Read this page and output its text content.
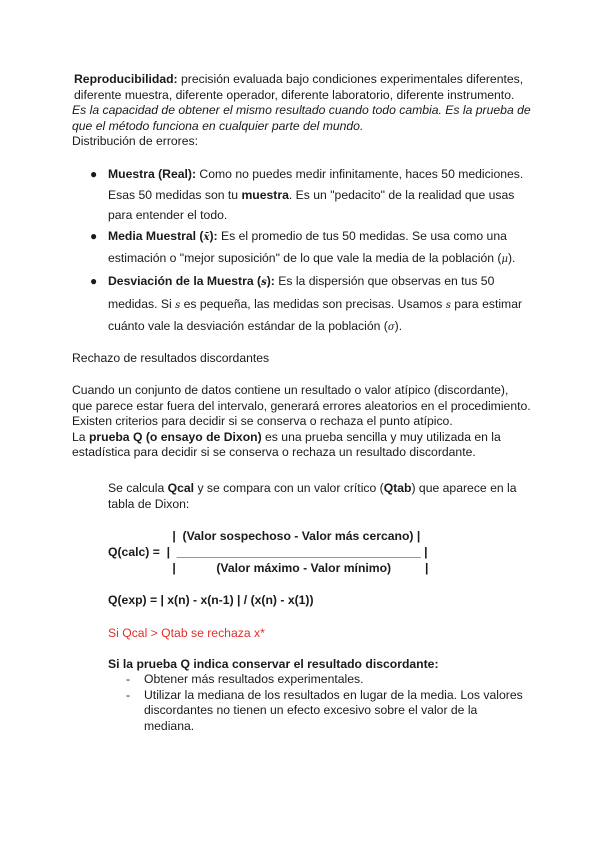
Reproducibilidad: precisión evaluada bajo condiciones experimentales diferentes, diferente muestra, diferente operador, diferente laboratorio, diferente instrumento.

Es la capacidad de obtener el mismo resultado cuando todo cambia. Es la prueba de que el método funciona en cualquier parte del mundo.

Distribución de errores:

● Muestra (Real): Como no puedes medir infinitamente, haces 50 mediciones. Esas 50 medidas son tu muestra. Es un "pedacito" de la realidad que usas para entender el todo.
● Media Muestral (x̄): Es el promedio de tus 50 medidas. Se usa como una estimación o "mejor suposición" de lo que vale la media de la población (μ).
● Desviación de la Muestra (s): Es la dispersión que observas en tus 50 medidas. Si s es pequeña, las medidas son precisas. Usamos s para estimar cuánto vale la desviación estándar de la población (σ).

Rechazo de resultados discordantes

Cuando un conjunto de datos contiene un resultado o valor atípico (discordante), que parece estar fuera del intervalo, generará errores aleatorios en el procedimiento.

Existen criterios para decidir si se conserva o rechaza el punto atípico.

La prueba Q (o ensayo de Dixon) es una prueba sencilla y muy utilizada en la estadística para decidir si se conserva o rechaza un resultado discordante.

Se calcula Qcal y se compara con un valor crítico (Qtab) que aparece en la tabla de Dixon:
|  (Valor sospechoso - Valor más cercano) |
Q(calc) =  |  ____________________________________ |
|            (Valor máximo - Valor mínimo)          |

Q(exp) = | x(n) - x(n-1) | / (x(n) - x(1))

Si Qcal > Qtab se rechaza x*

Si la prueba Q indica conservar el resultado discordante:

- Obtener más resultados experimentales.
- Utilizar la mediana de los resultados en lugar de la media. Los valores discordantes no tienen un efecto excesivo sobre el valor de la mediana.
